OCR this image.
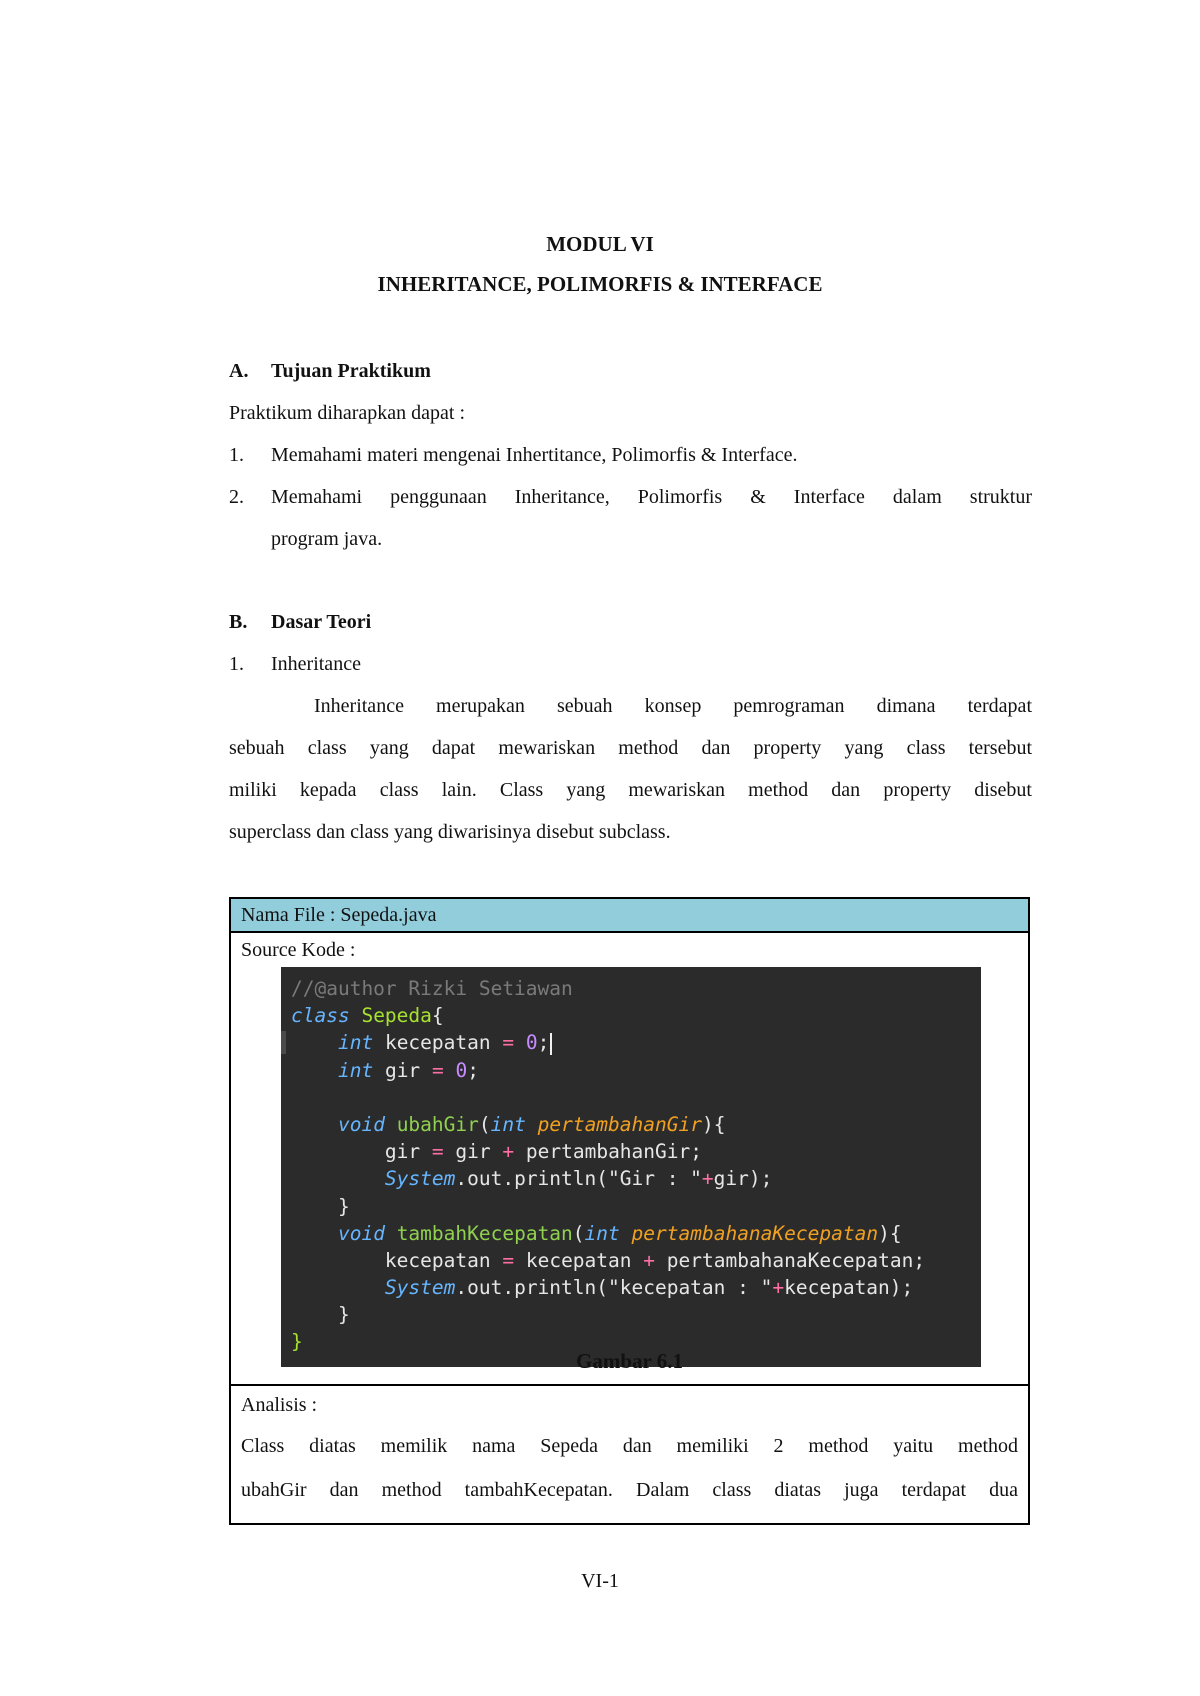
MODUL VI
INHERITANCE, POLIMORFIS & INTERFACE
A. Tujuan Praktikum
Praktikum diharapkan dapat :
1.	Memahami materi mengenai Inhertitance, Polimorfis & Interface.
2.	Memahami penggunaan Inheritance, Polimorfis & Interface dalam struktur
program java.
B. Dasar Teori
1. Inheritance
Inheritance merupakan sebuah konsep pemrograman dimana terdapat
sebuah class yang dapat mewariskan method dan property yang class tersebut
miliki kepada class lain. Class yang mewariskan method dan property disebut
superclass dan class yang diwarisinya disebut subclass.
Nama File : Sepeda.java
Source Kode :
//@author Rizki Setiawan
class Sepeda{
int kecepatan = 0;
int gir = 0;

void ubahGir(int pertambahanGir){
gir = gir + pertambahanGir;
System.out.println("Gir : "+gir);
}
void tambahKecepatan(int pertambahanaKecepatan){
kecepatan = kecepatan + pertambahanaKecepatan;
System.out.println("kecepatan : "+kecepatan);
}
}
Gambar 6.1
Analisis :
Class diatas memilik nama Sepeda dan memiliki 2 method yaitu method
ubahGir dan method tambahKecepatan. Dalam class diatas juga terdapat dua
VI-1
